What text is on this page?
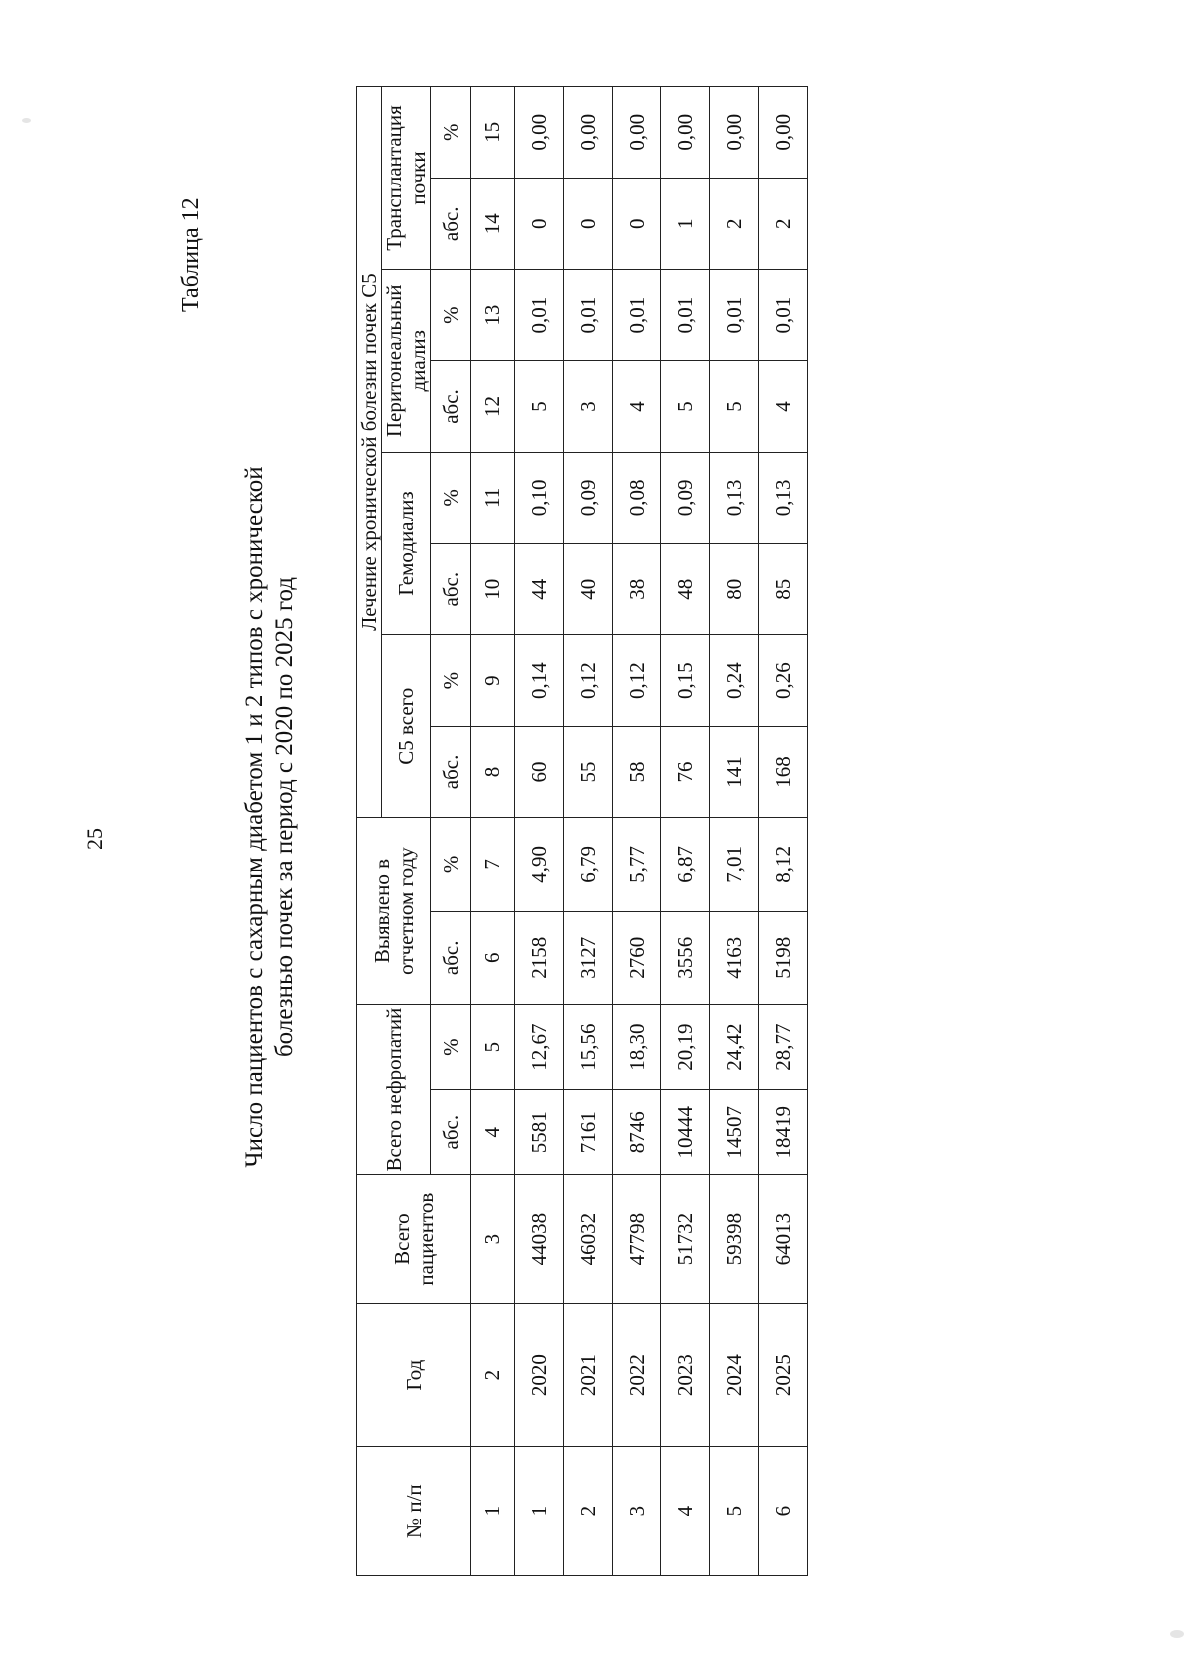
25
Таблица 12
Число пациентов с сахарным диабетом 1 и 2 типов с хронической болезнью почек за период с 2020 по 2025 год
№ п/п	Год	Всего пациентов	Всего нефропатий		Выявлено в отчетном году		Лечение хронической болезни почек С5							
							С5 всего		Гемодиализ		Перитонеальный диализ		Трансплантация почки	
			абс.	%	абс.	%	абс.	%	абс.	%	абс.	%	абс.	%
1	2	3	4	5	6	7	8	9	10	11	12	13	14	15
1	2020	44038	5581	12,67	2158	4,90	60	0,14	44	0,10	5	0,01	0	0,00
2	2021	46032	7161	15,56	3127	6,79	55	0,12	40	0,09	3	0,01	0	0,00
3	2022	47798	8746	18,30	2760	5,77	58	0,12	38	0,08	4	0,01	0	0,00
4	2023	51732	10444	20,19	3556	6,87	76	0,15	48	0,09	5	0,01	1	0,00
5	2024	59398	14507	24,42	4163	7,01	141	0,24	80	0,13	5	0,01	2	0,00
6	2025	64013	18419	28,77	5198	8,12	168	0,26	85	0,13	4	0,01	2	0,00
